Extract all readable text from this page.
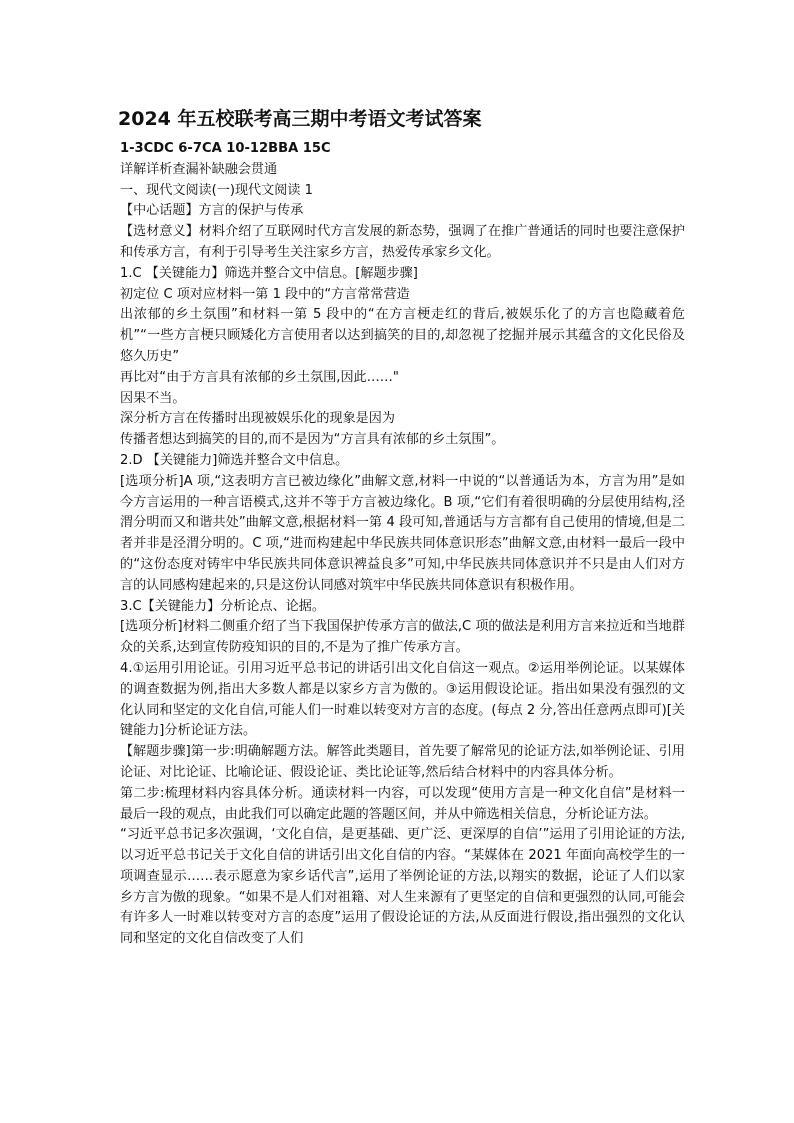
2024 年五校联考高三期中考语文考试答案

1-3CDC 6-7CA 10-12BBA 15C

详解详析查漏补缺融会贯通

一、现代文阅读(一)现代文阅读 1

【中心话题】方言的保护与传承

【选材意义】材料介绍了互联网时代方言发展的新态势，强调了在推广普通话的同时也要注意保护和传承方言，有利于引导考生关注家乡方言，热爱传承家乡文化。

1.C 【关键能力】筛选并整合文中信息。[解题步骤]

初定位 C 项对应材料一第 1 段中的“方言常常营造

出浓郁的乡土氛围”和材料一第 5 段中的“在方言梗走红的背后,被娱乐化了的方言也隐藏着危机”“一些方言梗只顾矮化方言使用者以达到搞笑的目的,却忽视了挖掘并展示其蕴含的文化民俗及悠久历史”

再比对“由于方言具有浓郁的乡土氛围,因此……"

因果不当。

深分析方言在传播时出现被娱乐化的现象是因为

传播者想达到搞笑的目的,而不是因为“方言具有浓郁的乡土氛围”。

2.D 【关键能力]筛选并整合文中信息。

[选项分析]A 项,“这表明方言已被边缘化”曲解文意,材料一中说的“以普通话为本，方言为用”是如今方言运用的一种言语模式,这并不等于方言被边缘化。B 项,“它们有着很明确的分层使用结构,泾渭分明而又和谐共处”曲解文意,根据材料一第 4 段可知,普通话与方言都有自己使用的情境,但是二者并非是泾渭分明的。C 项,“进而构建起中华民族共同体意识形态”曲解文意,由材料一最后一段中的“这份态度对铸牢中华民族共同体意识裨益良多”可知,中华民族共同体意识并不只是由人们对方言的认同感构建起来的,只是这份认同感对筑牢中华民族共同体意识有积极作用。

3.C【关键能力】分析论点、论据。

[选项分析]材料二侧重介绍了当下我国保护传承方言的做法,C 项的做法是利用方言来拉近和当地群众的关系,达到宣传防疫知识的目的,不是为了推广传承方言。

4.①运用引用论证。引用习近平总书记的讲话引出文化自信这一观点。②运用举例论证。以某媒体的调查数据为例,指出大多数人都是以家乡方言为傲的。③运用假设论证。指出如果没有强烈的文化认同和坚定的文化自信,可能人们一时难以转变对方言的态度。(每点 2 分,答出任意两点即可)[关键能力]分析论证方法。

【解题步骤]第一步:明确解题方法。解答此类题目，首先要了解常见的论证方法,如举例论证、引用论证、对比论证、比喻论证、假设论证、类比论证等,然后结合材料中的内容具体分析。

第二步:梳理材料内容具体分析。通读材料一内容，可以发现“使用方言是一种文化自信”是材料一最后一段的观点，由此我们可以确定此题的答题区间，并从中筛选相关信息，分析论证方法。

“习近平总书记多次强调，‘文化自信，是更基础、更广泛、更深厚的自信’”运用了引用论证的方法,以习近平总书记关于文化自信的讲话引出文化自信的内容。“某媒体在 2021 年面向高校学生的一项调查显示……表示愿意为家乡话代言”,运用了举例论证的方法,以翔实的数据，论证了人们以家乡方言为傲的现象。“如果不是人们对祖籍、对人生来源有了更坚定的自信和更强烈的认同,可能会有许多人一时难以转变对方言的态度”运用了假设论证的方法,从反面进行假设,指出强烈的文化认同和坚定的文化自信改变了人们
